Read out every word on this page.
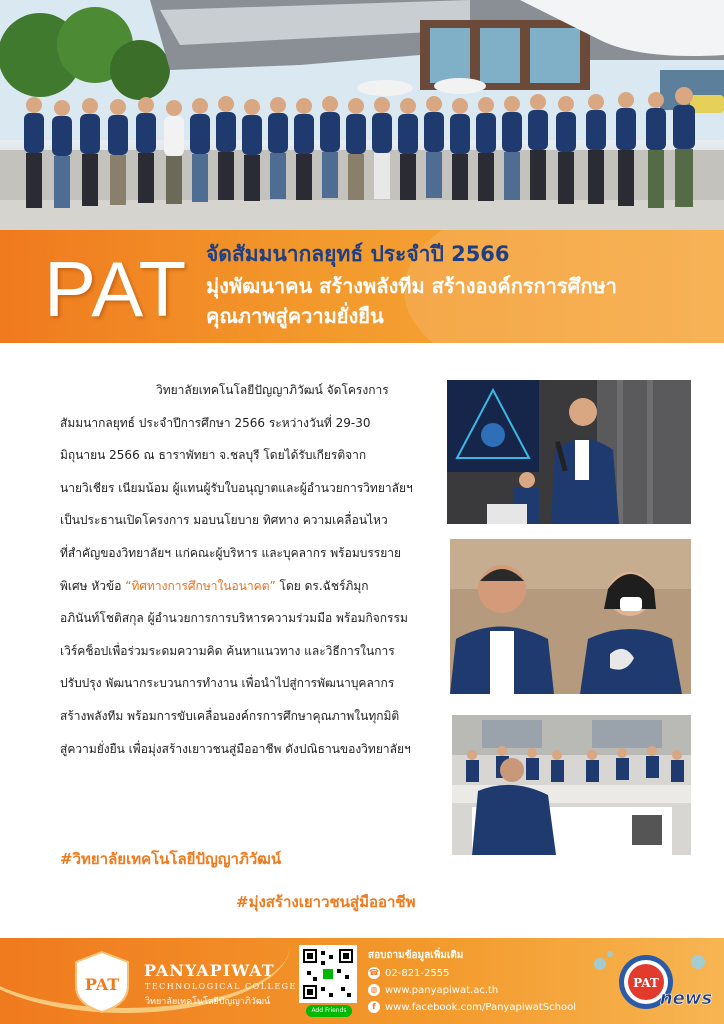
PAT จัดสัมมนากลยุทธ์ ประจำปี 2566
มุ่งพัฒนาคน สร้างพลังทีม สร้างองค์กรการศึกษา
คุณภาพสู่ความยั่งยืน
วิทยาลัยเทคโนโลยีปัญญาภิวัฒน์ จัดโครงการ
สัมมนากลยุทธ์ ประจำปีการศึกษา 2566 ระหว่างวันที่ 29-30
มิถุนายน 2566 ณ ธาราพัทยา จ.ชลบุรี โดยได้รับเกียรติจาก
นายวิเชียร เนียมน้อม ผู้แทนผู้รับใบอนุญาตและผู้อำนวยการวิทยาลัยฯ
เป็นประธานเปิดโครงการ มอบนโยบาย ทิศทาง ความเคลื่อนไหว
ที่สำคัญของวิทยาลัยฯ แก่คณะผู้บริหาร และบุคลากร พร้อมบรรยาย
พิเศษ หัวข้อ “ทิศทางการศึกษาในอนาคต” โดย ดร.ฉัชร์ภิมุก
อภินันท์โชติสกุล ผู้อำนวยการการบริหารความร่วมมือ พร้อมกิจกรรม
เวิร์คช็อปเพื่อร่วมระดมความคิด ค้นหาแนวทาง และวิธีการในการ
ปรับปรุง พัฒนากระบวนการทำงาน เพื่อนำไปสู่การพัฒนาบุคลากร
สร้างพลังทีม พร้อมการขับเคลื่อนองค์กรการศึกษาคุณภาพในทุกมิติ
สู่ความยั่งยืน เพื่อมุ่งสร้างเยาวชนสู่มืออาชีพ ดังปณิธานของวิทยาลัยฯ
#วิทยาลัยเทคโนโลยีปัญญาภิวัฒน์
#มุ่งสร้างเยาวชนสู่มืออาชีพ
PAT
PANYAPIWAT
TECHNOLOGICAL COLLEGE
วิทยาลัยเทคโนโลยีปัญญาภิวัฒน์
Add Friends
สอบถามข้อมูลเพิ่มเติม
☎ 02-821-2555
◍ www.panyapiwat.ac.th
f www.facebook.com/PanyapiwatSchool
PAT
news
